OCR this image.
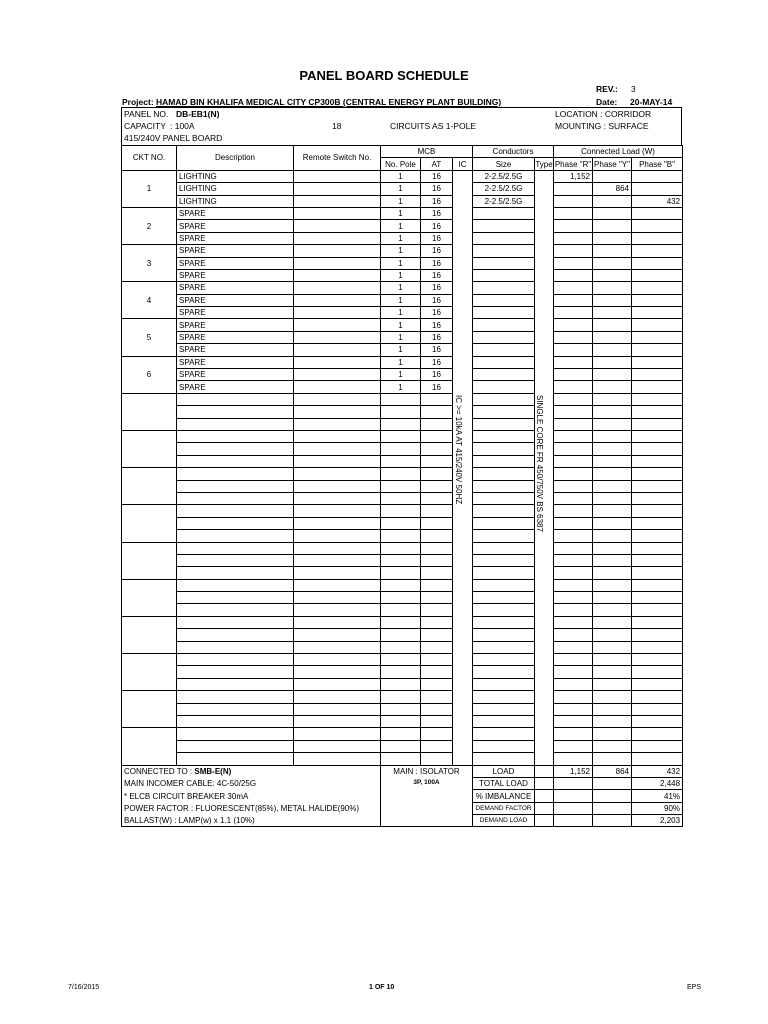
PANEL BOARD SCHEDULE
REV.: 3
Date: 20-MAY-14
Project: HAMAD BIN KHALIFA MEDICAL CITY CP300B (CENTRAL ENERGY PLANT BUILDING)
PANEL NO. DB-EB1(N)
CAPACITY : 100A	18	CIRCUITS AS 1-POLE
LOCATION : CORRIDOR
MOUNTING : SURFACE
415/240V PANEL BOARD
CKT NO.	Description	Remote Switch No.	MCB			Conductors		Connected Load (W)		
			No. Pole	AT	IC	Size	Type	Phase "R"	Phase "Y"	Phase "B"
1	LIGHTING		1	16		2-2.5/2.5G		1,152		
	LIGHTING		1	16		2-2.5/2.5G			864	
	LIGHTING		1	16		2-2.5/2.5G				432
2	SPARE		1	16						
	SPARE		1	16						
	SPARE		1	16						
3	SPARE		1	16						
	SPARE		1	16						
	SPARE		1	16						
4	SPARE		1	16						
	SPARE		1	16						
	SPARE		1	16						
5	SPARE		1	16						
	SPARE		1	16						
	SPARE		1	16						
6	SPARE		1	16						
	SPARE		1	16						
	SPARE		1	16						

CONNECTED TO : SMB-E(N)			MAIN : ISOLATOR
3P, 100A			LOAD		1,152	864	432
MAIN INCOMER CABLE: 4C-50/25G						TOTAL LOAD				2,448
* ELCB CIRCUIT BREAKER 30mA						% IMBALANCE				41%
POWER FACTOR : FLUORESCENT(85%), METAL HALIDE(90%)						DEMAND FACTOR				90%
BALLAST(W) : LAMP(w) x 1.1 (10%)						DEMAND LOAD				2,203
IC >= 10kA AT 415/240V 50HZ	SINGLE CORE FR 450/750V BS 6387
7/16/2015	1 OF 10	EPS
